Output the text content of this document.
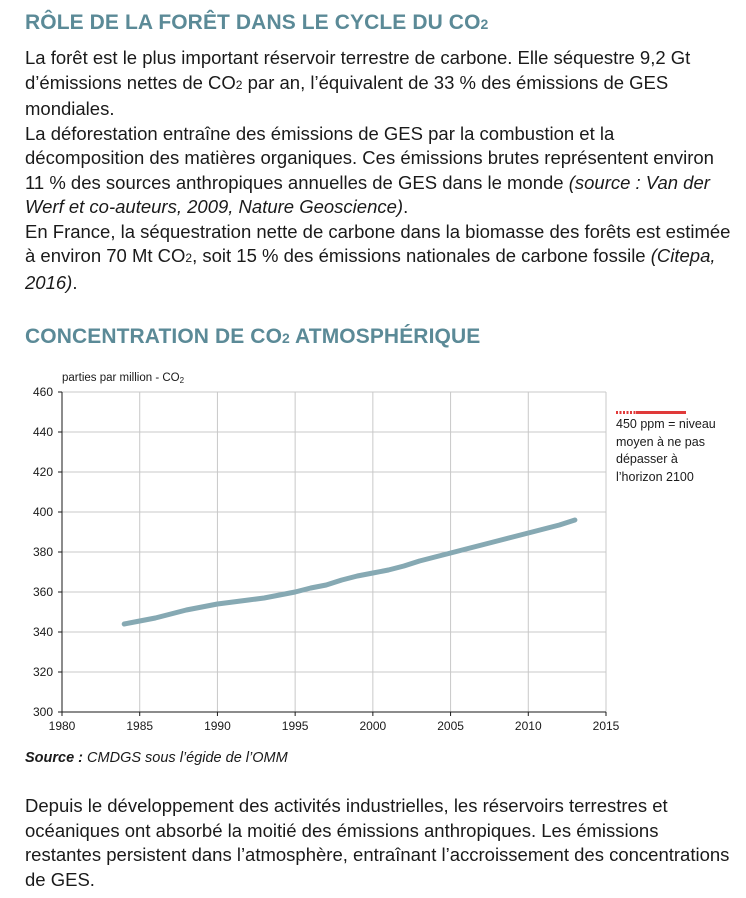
RÔLE DE LA FORÊT DANS LE CYCLE DU CO2

La forêt est le plus important réservoir terrestre de carbone. Elle séquestre 9,2 Gt d’émissions nettes de CO2 par an, l’équivalent de 33 % des émissions de GES mondiales.
La déforestation entraîne des émissions de GES par la combustion et la décomposition des matières organiques. Ces émissions brutes représentent environ 11 % des sources anthropiques annuelles de GES dans le monde (source : Van der Werf et co-auteurs, 2009, Nature Geoscience).
En France, la séquestration nette de carbone dans la biomasse des forêts est estimée à environ 70 Mt CO2, soit 15 % des émissions nationales de carbone fossile (Citepa, 2016).

CONCENTRATION DE CO2 ATMOSPHÉRIQUE
300
320
340
360
380
400
420
440
460
1980	1985	1990	1995	2000	2005	2010	2015
parties par million - CO2

450 ppm = niveau moyen à ne pas dépasser à l’horizon 2100

Source : CMDGS sous l’égide de l’OMM

Depuis le développement des activités industrielles, les réservoirs terrestres et océaniques ont absorbé la moitié des émissions anthropiques. Les émissions restantes persistent dans l’atmosphère, entraînant l’accroissement des concentrations de GES.
